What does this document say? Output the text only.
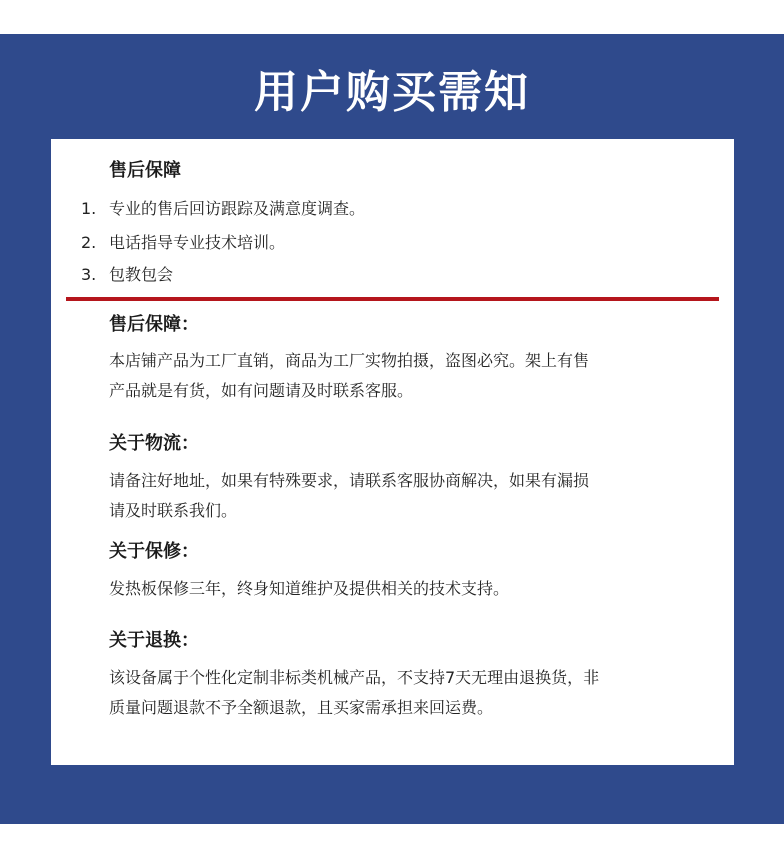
用户购买需知
售后保障
1. 专业的售后回访跟踪及满意度调查。
2. 电话指导专业技术培训。
3. 包教包会
售后保障：

本店铺产品为工厂直销，商品为工厂实物拍摄，盗图必究。架上有售
产品就是有货，如有问题请及时联系客服。

关于物流：

请备注好地址，如果有特殊要求，请联系客服协商解决，如果有漏损
请及时联系我们。

关于保修：

发热板保修三年，终身知道维护及提供相关的技术支持。

关于退换：

该设备属于个性化定制非标类机械产品，不支持7天无理由退换货，非
质量问题退款不予全额退款，且买家需承担来回运费。
